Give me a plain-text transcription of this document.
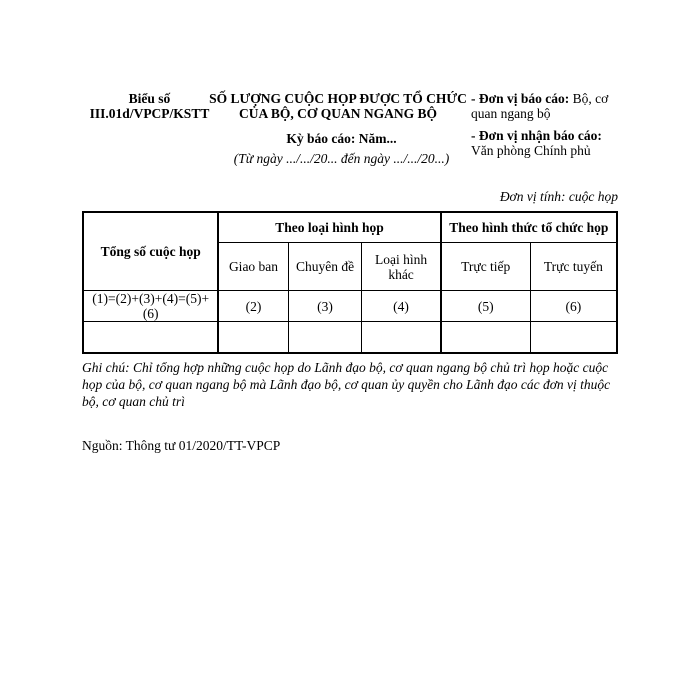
Biểu số
III.01d/VPCP/KSTT
SỐ LƯỢNG CUỘC HỌP ĐƯỢC TỔ CHỨC
CỦA BỘ, CƠ QUAN NGANG BỘ
Kỳ báo cáo: Năm...
(Từ ngày .../.../20... đến ngày .../.../20...)
- Đơn vị báo cáo: Bộ, cơ quan ngang bộ
- Đơn vị nhận báo cáo: Văn phòng Chính phủ
Đơn vị tính: cuộc họp
Tổng số cuộc họp	Theo loại hình họp			Theo hình thức tổ chức họp	
	Giao ban	Chuyên đề	Loại hình khác	Trực tiếp	Trực tuyến
(1)=(2)+(3)+(4)=(5)+(6)	(2)	(3)	(4)	(5)	(6)

Ghi chú: Chỉ tổng hợp những cuộc họp do Lãnh đạo bộ, cơ quan ngang bộ chủ trì họp hoặc cuộc họp của bộ, cơ quan ngang bộ mà Lãnh đạo bộ, cơ quan ủy quyền cho Lãnh đạo các đơn vị thuộc bộ, cơ quan chủ trì
Nguồn: Thông tư 01/2020/TT-VPCP
